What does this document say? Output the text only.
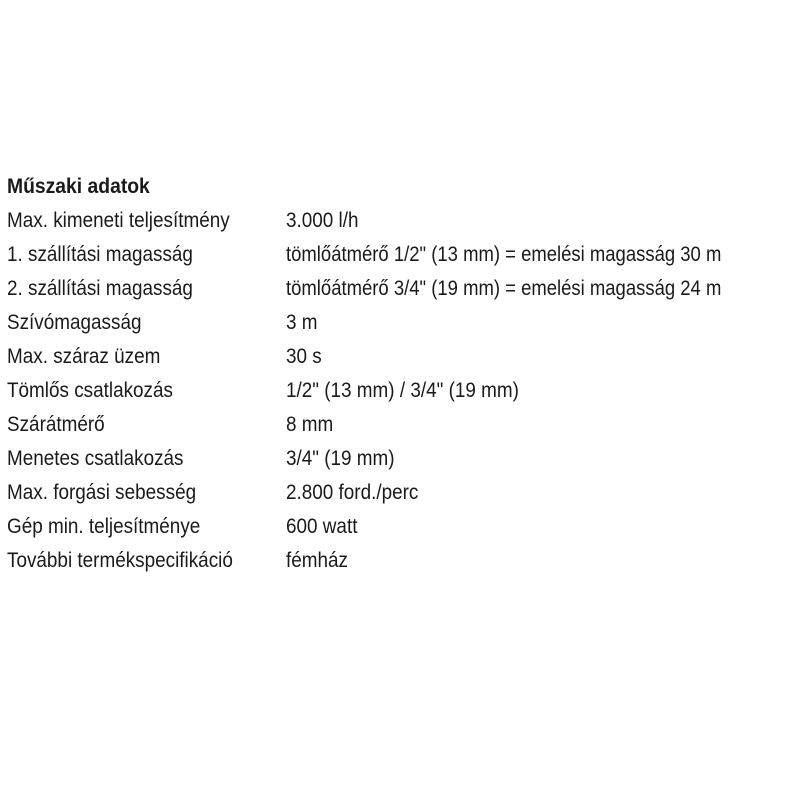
Műszaki adatok
Max. kimeneti teljesítmény	3.000 l/h
1. szállítási magasság	tömlőátmérő 1/2" (13 mm) = emelési magasság 30 m
2. szállítási magasság	tömlőátmérő 3/4" (19 mm) = emelési magasság 24 m
Szívómagasság	3 m
Max. száraz üzem	30 s
Tömlős csatlakozás	1/2" (13 mm) / 3/4" (19 mm)
Szárátmérő	8 mm
Menetes csatlakozás	3/4" (19 mm)
Max. forgási sebesség	2.800 ford./perc
Gép min. teljesítménye	600 watt
További termékspecifikáció	fémház
